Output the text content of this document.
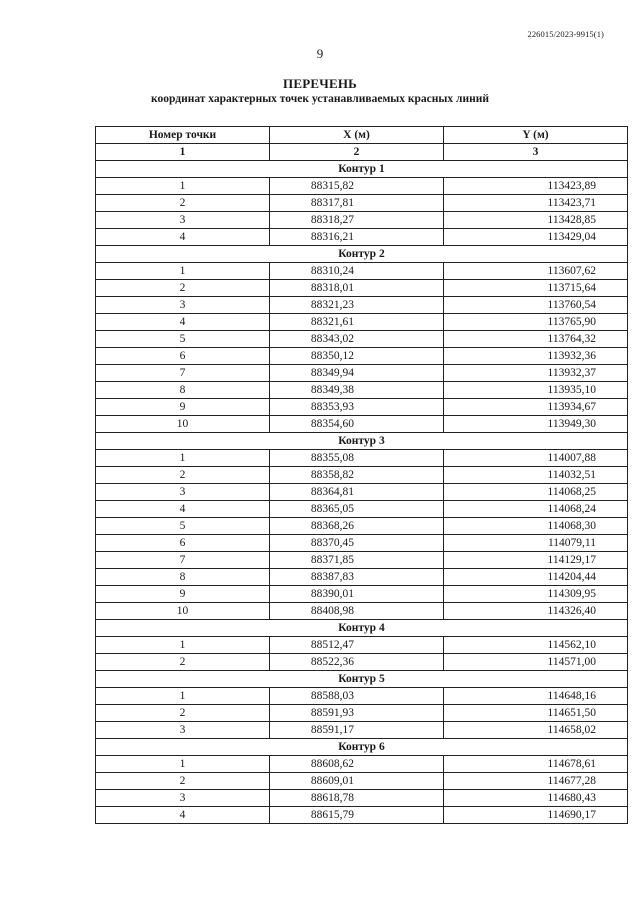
226015/2023-9915(1)
9
ПЕРЕЧЕНЬ
координат характерных точек устанавливаемых красных линий
Номер точки	X (м)	Y (м)
1	2	3
Контур 1		
1	88315,82	113423,89
2	88317,81	113423,71
3	88318,27	113428,85
4	88316,21	113429,04
Контур 2		
1	88310,24	113607,62
2	88318,01	113715,64
3	88321,23	113760,54
4	88321,61	113765,90
5	88343,02	113764,32
6	88350,12	113932,36
7	88349,94	113932,37
8	88349,38	113935,10
9	88353,93	113934,67
10	88354,60	113949,30
Контур 3		
1	88355,08	114007,88
2	88358,82	114032,51
3	88364,81	114068,25
4	88365,05	114068,24
5	88368,26	114068,30
6	88370,45	114079,11
7	88371,85	114129,17
8	88387,83	114204,44
9	88390,01	114309,95
10	88408,98	114326,40
Контур 4		
1	88512,47	114562,10
2	88522,36	114571,00
Контур 5		
1	88588,03	114648,16
2	88591,93	114651,50
3	88591,17	114658,02
Контур 6		
1	88608,62	114678,61
2	88609,01	114677,28
3	88618,78	114680,43
4	88615,79	114690,17
